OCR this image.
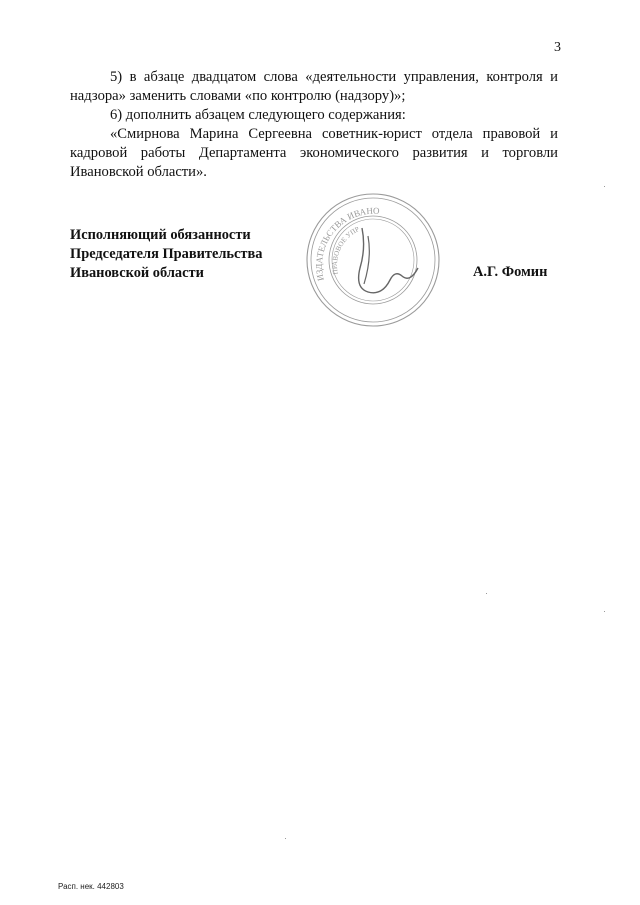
3

5) в абзаце двадцатом слова «деятельности управления, контроля и надзора» заменить словами «по контролю (надзору)»;

6) дополнить абзацем следующего содержания:

«Смирнова Марина Сергеевна советник-юрист отдела правовой и кадровой работы Департамента экономического развития и торговли Ивановской области».

Исполняющий обязанности
Председателя Правительства
Ивановской области	ИЗДАТЕЛЬСТВА ИВАНО
ПРАВОВОЕ УПР
А.Г. Фомин
Расп. нек. 442803
